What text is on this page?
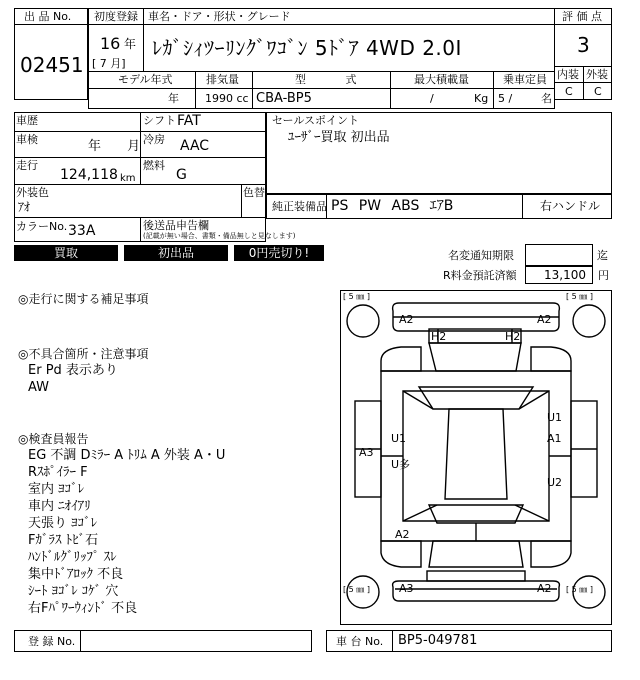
出 品 No.
02451
初度登録
16 年
[ 7 月]
車名・ドア・形状・グレード
ﾚｶﾞｼｨﾂｰﾘﾝｸﾞﾜｺﾞﾝ 5ﾄﾞｱ 4WD 2.0I
評 価 点
3
内装 外装
C C
モデル年式
年
排気量
1990 cc
型 式
CBA-BP5
最大積載量
/	Kg
乗車定員
5 /	名
車歴	シフト FAT
車検	年 月 冷房 AAC
走行
124,118 km
燃料
G
外装色
ｱｵ
色替
カラーNo. 33A	後送品申告欄
(記載が無い場合、書類・備品無しと見なします)
セールスポイント
ﾕｰｻﾞｰ買取 初出品
純正装備品 PS PW ABS ｴｱB	右ハンドル
買取	初出品	0円売切り!	名変通知期限	迄
R料金預託済額 13,100 円
◎走行に関する補足事項
◎不具合箇所・注意事項
Er Pd 表示あり
AW
◎検査員報告
EG 不調 Dﾐﾗｰ A ﾄﾘﾑ A 外装 A・U
Rｽﾎﾟｲﾗｰ F
室内 ﾖｺﾞﾚ
車内 ﾆｵｲｱﾘ
天張り ﾖｺﾞﾚ
Fｶﾞﾗｽ ﾄﾋﾞ石
ﾊﾝﾄﾞﾙｸﾞﾘｯﾌﾟ ｽﾚ
集中ﾄﾞｱﾛｯｸ 不良
ｼｰﾄ ﾖｺﾞﾚ ｺｹﾞ 穴
右Fﾊﾟﾜｰｳｨﾝﾄﾞ 不良
[ 5 ㎜ ]	[ 5 ㎜ ]
[ 5 ㎜ ]	[ 5 ㎜ ]
A2	A2
H2	H2
A3
U1
U多
U1
A1
U2
A2
A3	A2
登 録 No.	車 台 No. BP5-049781
